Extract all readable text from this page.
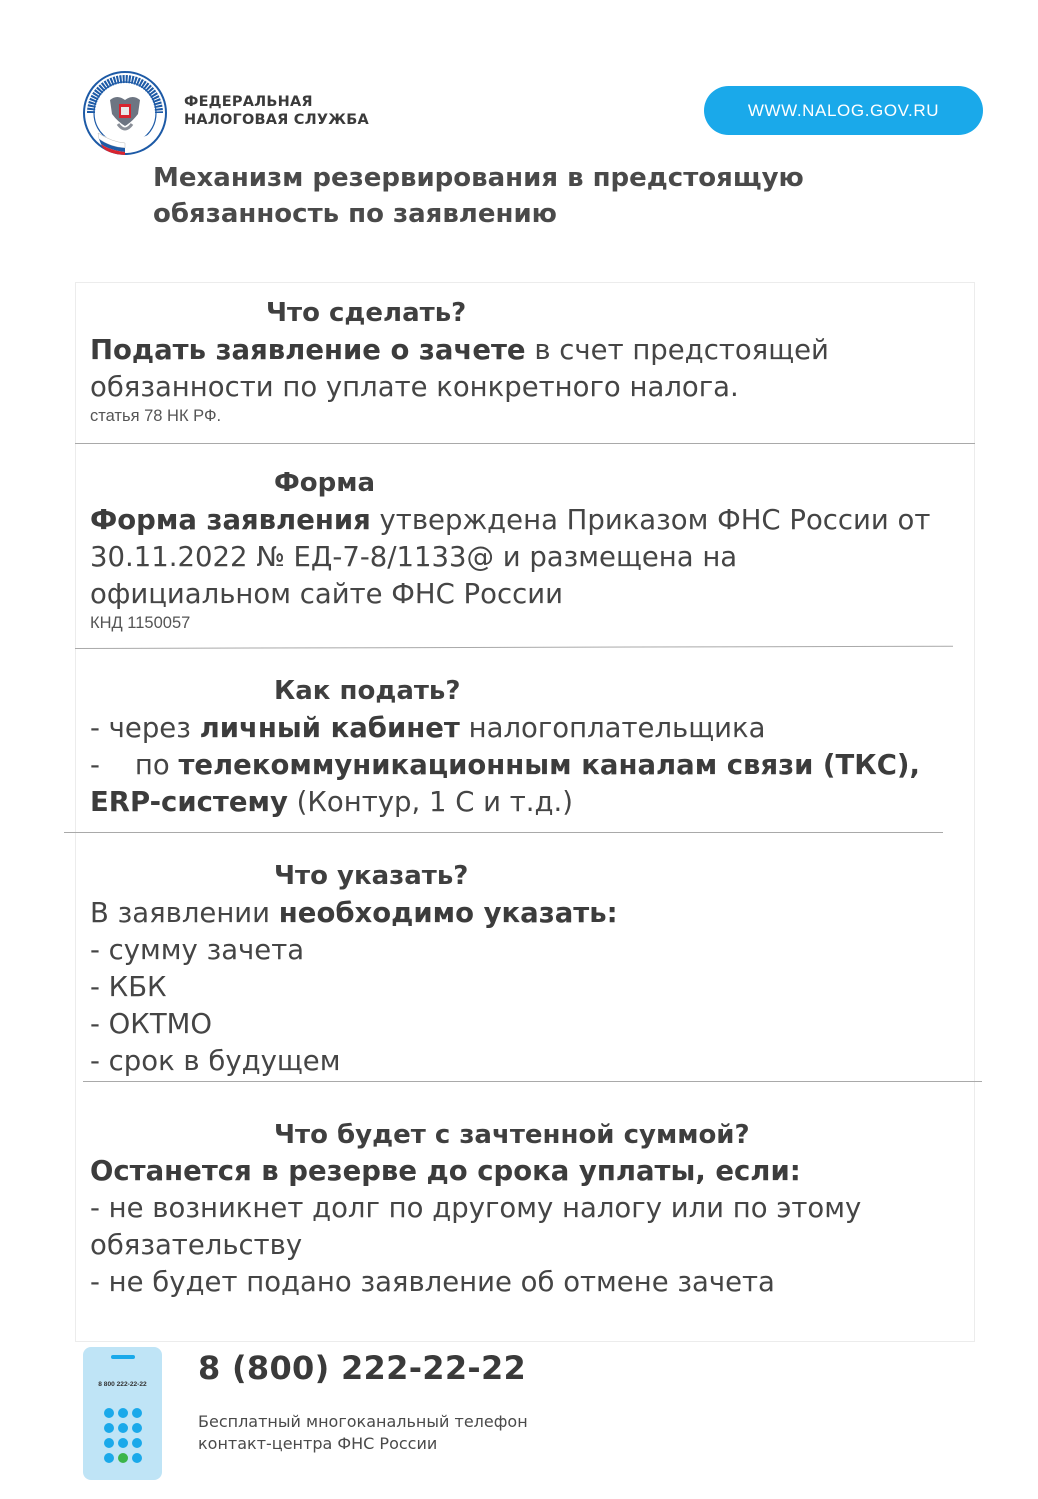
ФЕДЕРАЛЬНАЯ
НАЛОГОВАЯ СЛУЖБА
WWW.NALOG.GOV.RU
Механизм резервирования в предстоящую
обязанность по заявлению
Что сделать?
Подать заявление о зачете в счет предстоящей
обязанности по уплате конкретного налога.
статья 78 НК РФ.
Форма
Форма заявления утверждена Приказом ФНС России от
30.11.2022 № ЕД-7-8/1133@ и размещена на
официальном сайте ФНС России
КНД 1150057
Как подать?
- через личный кабинет налогоплательщика
-    по телекоммуникационным каналам связи (ТКС),
ERP-систему (Контур, 1 С и т.д.)
Что указать?
В заявлении необходимо указать:
- сумму зачета
- КБК
- ОКТМО
- срок в будущем
Что будет с зачтенной суммой?
Останется в резерве до срока уплаты, если:
- не возникнет долг по другому налогу или по этому
обязательству
- не будет подано заявление об отмене зачета
8 800 222-22-22 8 (800) 222-22-22
Бесплатный многоканальный телефон
контакт-центра ФНС России
